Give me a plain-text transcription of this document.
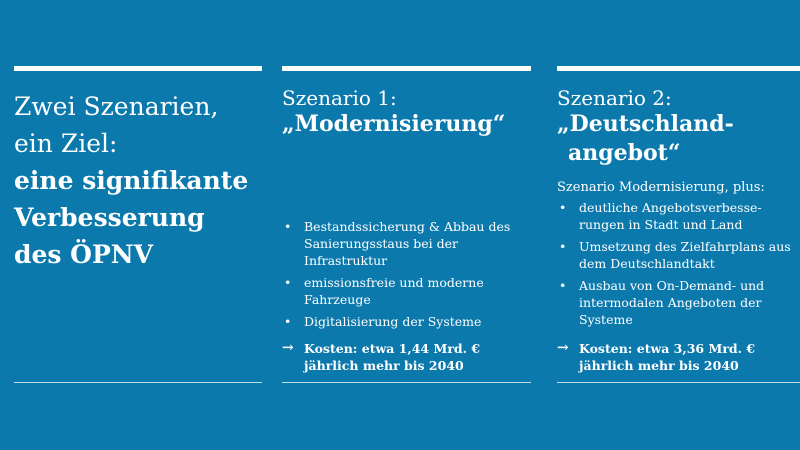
Zwei Szenarien,
ein Ziel:
eine signifikante
Verbesserung
des ÖPNV
Szenario 1:
„Modernisierung“
• Bestandssicherung & Abbau des Sanierungsstaus bei der Infrastruktur
• emissionsfreie und moderne Fahrzeuge
• Digitalisierung der Systeme
→ Kosten: etwa 1,44 Mrd. € jährlich mehr bis 2040
Szenario 2:
„Deutschland-
angebot“
Szenario Modernisierung, plus:
• deutliche Angebotsverbesserungen in Stadt und Land
• Umsetzung des Zielfahrplans aus dem Deutschlandtakt
• Ausbau von On-Demand- und intermodalen Angeboten der Systeme
→ Kosten: etwa 3,36 Mrd. € jährlich mehr bis 2040
